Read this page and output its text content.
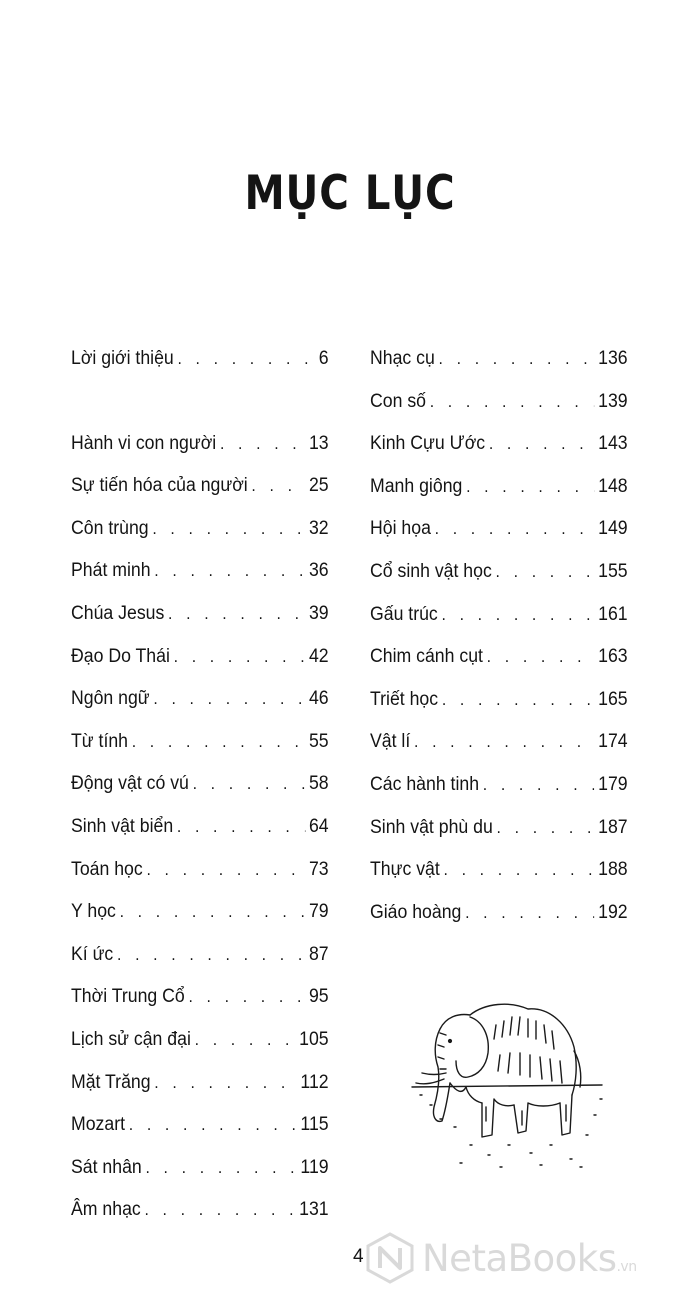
MỤC LỤC
Lời giới thiệu . . .	6
Hành vi con người . . .	13
Sự tiến hóa của người . . .	25
Côn trùng . . .	32
Phát minh . . .	36
Chúa Jesus . . .	39
Đạo Do Thái . . .	42
Ngôn ngữ . . .	46
Từ tính . . .	55
Động vật có vú . . .	58
Sinh vật biển . . .	64
Toán học . . .	73
Y học . . .	79
Kí ức . . .	87
Thời Trung Cổ . . .	95
Lịch sử cận đại . . .	105
Mặt Trăng . . .	112
Mozart . . .	115
Sát nhân . . .	119
Âm nhạc . . .	131
Nhạc cụ . . .	136
Con số . . .	139
Kinh Cựu Ước . . .	143
Manh giông . . .	148
Hội họa . . .	149
Cổ sinh vật học . . .	155
Gấu trúc . . .	161
Chim cánh cụt . . .	163
Triết học . . .	165
Vật lí . . .	174
Các hành tinh . . .	179
Sinh vật phù du . . .	187
Thực vật . . .	188
Giáo hoàng . . .	192
4 NetaBooks.vn
